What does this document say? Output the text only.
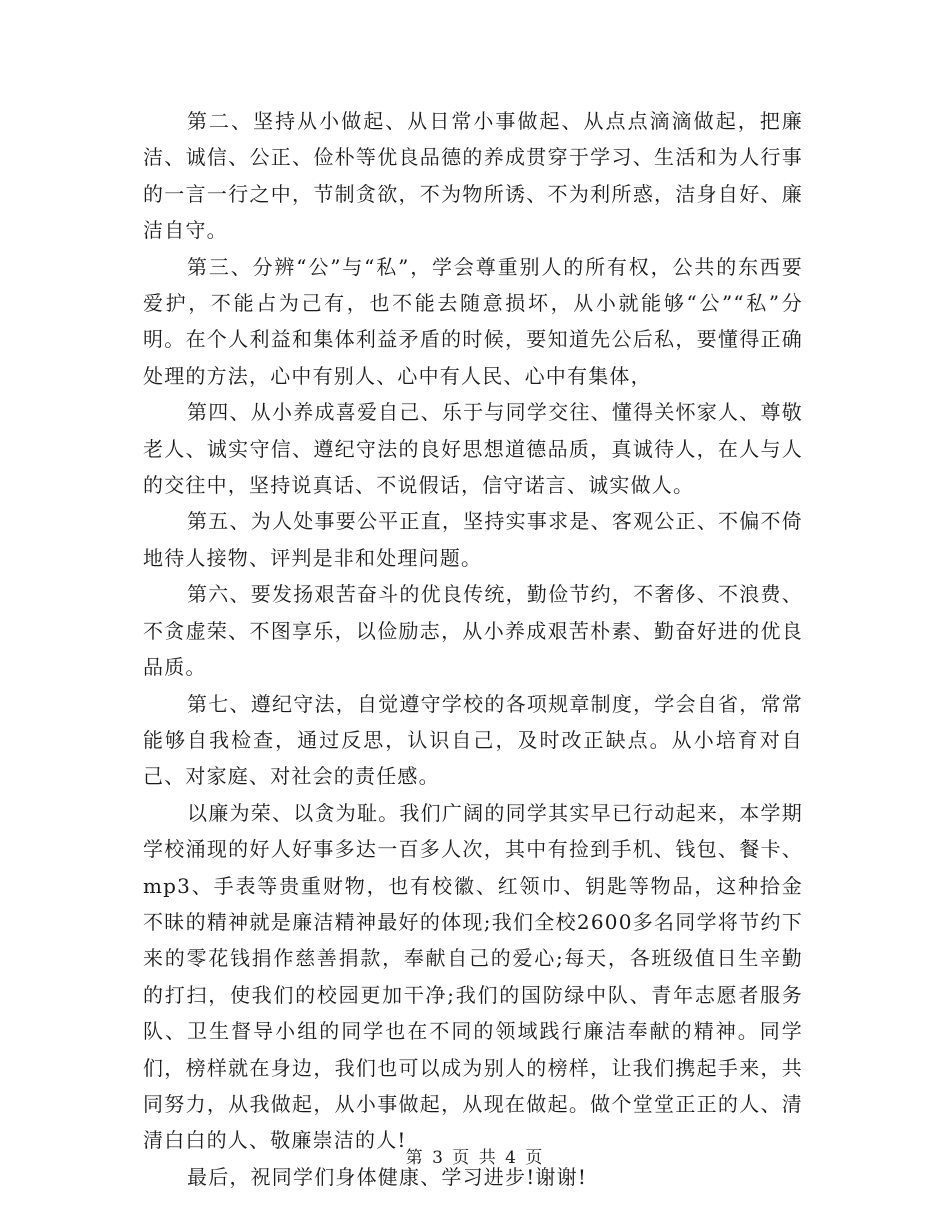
第二、坚持从小做起、从日常小事做起、从点点滴滴做起，把廉洁、诚信、公正、俭朴等优良品德的养成贯穿于学习、生活和为人行事的一言一行之中，节制贪欲，不为物所诱、不为利所惑，洁身自好、廉洁自守。

第三、分辨“公”与“私”，学会尊重别人的所有权，公共的东西要爱护，不能占为己有，也不能去随意损坏，从小就能够“公”“私”分明。在个人利益和集体利益矛盾的时候，要知道先公后私，要懂得正确处理的方法，心中有别人、心中有人民、心中有集体，

第四、从小养成喜爱自己、乐于与同学交往、懂得关怀家人、尊敬老人、诚实守信、遵纪守法的良好思想道德品质，真诚待人，在人与人的交往中，坚持说真话、不说假话，信守诺言、诚实做人。

第五、为人处事要公平正直，坚持实事求是、客观公正、不偏不倚地待人接物、评判是非和处理问题。

第六、要发扬艰苦奋斗的优良传统，勤俭节约，不奢侈、不浪费、不贪虚荣、不图享乐，以俭励志，从小养成艰苦朴素、勤奋好进的优良品质。

第七、遵纪守法，自觉遵守学校的各项规章制度，学会自省，常常能够自我检查，通过反思，认识自己，及时改正缺点。从小培育对自己、对家庭、对社会的责任感。

以廉为荣、以贪为耻。我们广阔的同学其实早已行动起来，本学期学校涌现的好人好事多达一百多人次，其中有捡到手机、钱包、餐卡、mp3、手表等贵重财物，也有校徽、红领巾、钥匙等物品，这种拾金不昧的精神就是廉洁精神最好的体现;我们全校2600多名同学将节约下来的零花钱捐作慈善捐款，奉献自己的爱心;每天，各班级值日生辛勤的打扫，使我们的校园更加干净;我们的国防绿中队、青年志愿者服务队、卫生督导小组的同学也在不同的领域践行廉洁奉献的精神。同学们，榜样就在身边，我们也可以成为别人的榜样，让我们携起手来，共同努力，从我做起，从小事做起，从现在做起。做个堂堂正正的人、清清白白的人、敬廉崇洁的人!

最后，祝同学们身体健康、学习进步!谢谢!

第 3 页 共 4 页
